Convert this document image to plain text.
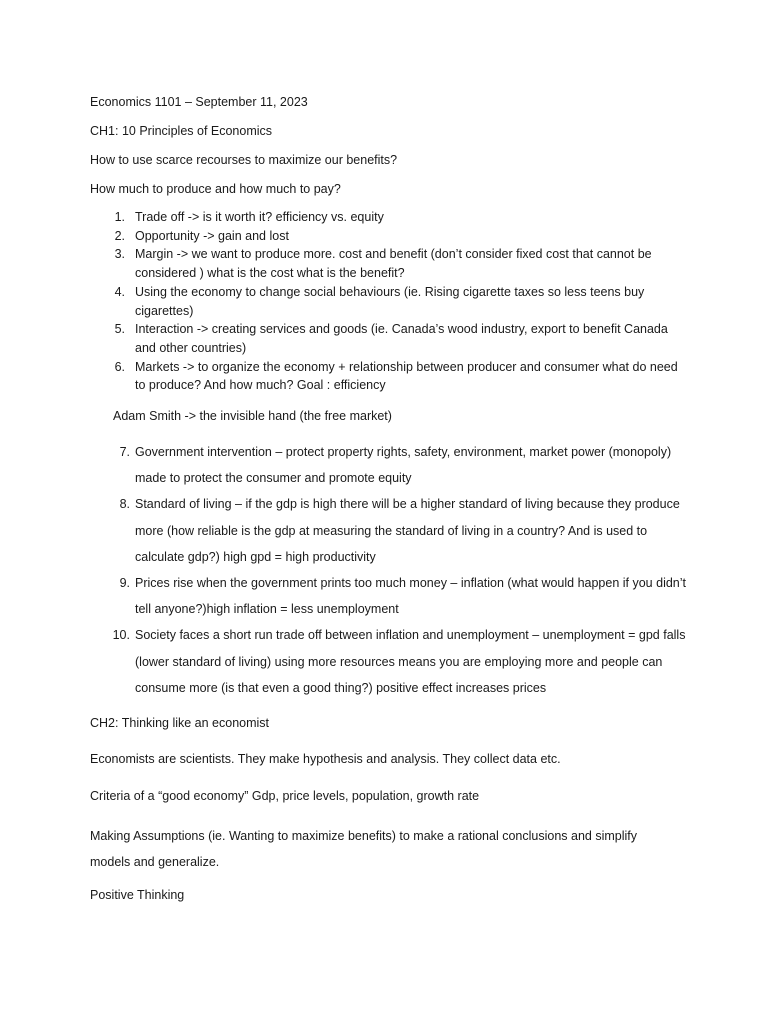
Economics 1101 – September 11, 2023

CH1: 10 Principles of Economics

How to use scarce recourses to maximize our benefits?

How much to produce and how much to pay?

1. Trade off -> is it worth it? efficiency vs. equity
2. Opportunity -> gain and lost
3. Margin -> we want to produce more. cost and benefit (don’t consider fixed cost that cannot be considered ) what is the cost what is the benefit?
4. Using the economy to change social behaviours (ie. Rising cigarette taxes so less teens buy cigarettes)
5. Interaction -> creating services and goods (ie. Canada’s wood industry, export to benefit Canada and other countries)
6. Markets -> to organize the economy + relationship between producer and consumer what do need to produce? And how much? Goal : efficiency

Adam Smith -> the invisible hand (the free market)

7. Government intervention – protect property rights, safety, environment, market power (monopoly) made to protect the consumer and promote equity
8. Standard of living – if the gdp is high there will be a higher standard of living because they produce more (how reliable is the gdp at measuring the standard of living in a country? And is used to calculate gdp?) high gpd = high productivity
9. Prices rise when the government prints too much money – inflation (what would happen if you didn’t tell anyone?)high inflation = less unemployment
10. Society faces a short run trade off between inflation and unemployment – unemployment = gpd falls (lower standard of living) using more resources means you are employing more and people can consume more (is that even a good thing?) positive effect increases prices

CH2: Thinking like an economist

Economists are scientists. They make hypothesis and analysis. They collect data etc.

Criteria of a “good economy” Gdp, price levels, population, growth rate

Making Assumptions (ie. Wanting to maximize benefits) to make a rational conclusions and simplify models and generalize.

Positive Thinking
